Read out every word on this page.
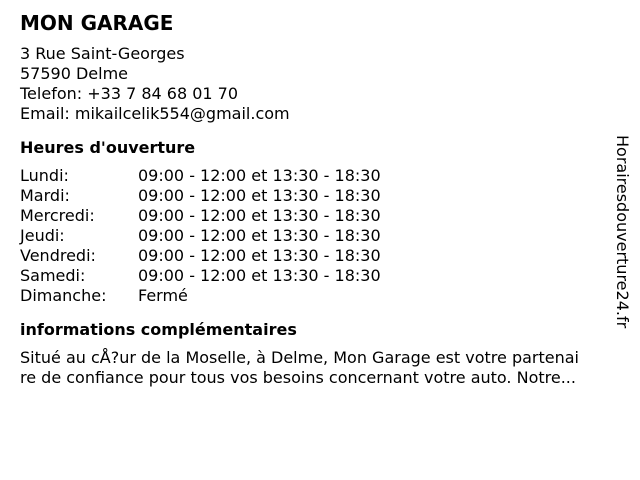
MON GARAGE
3 Rue Saint-Georges
57590 Delme
Telefon: +33 7 84 68 01 70
Email: mikailcelik554@gmail.com
Heures d'ouverture
Lundi:	09:00 - 12:00 et 13:30 - 18:30
Mardi:	09:00 - 12:00 et 13:30 - 18:30
Mercredi:	09:00 - 12:00 et 13:30 - 18:30
Jeudi:	09:00 - 12:00 et 13:30 - 18:30
Vendredi:	09:00 - 12:00 et 13:30 - 18:30
Samedi:	09:00 - 12:00 et 13:30 - 18:30
Dimanche:	Fermé
informations complémentaires
Situé au cÅ?ur de la Moselle, à Delme, Mon Garage est votre partenai
re de confiance pour tous vos besoins concernant votre auto. Notre...
Horairesdouverture24.fr
